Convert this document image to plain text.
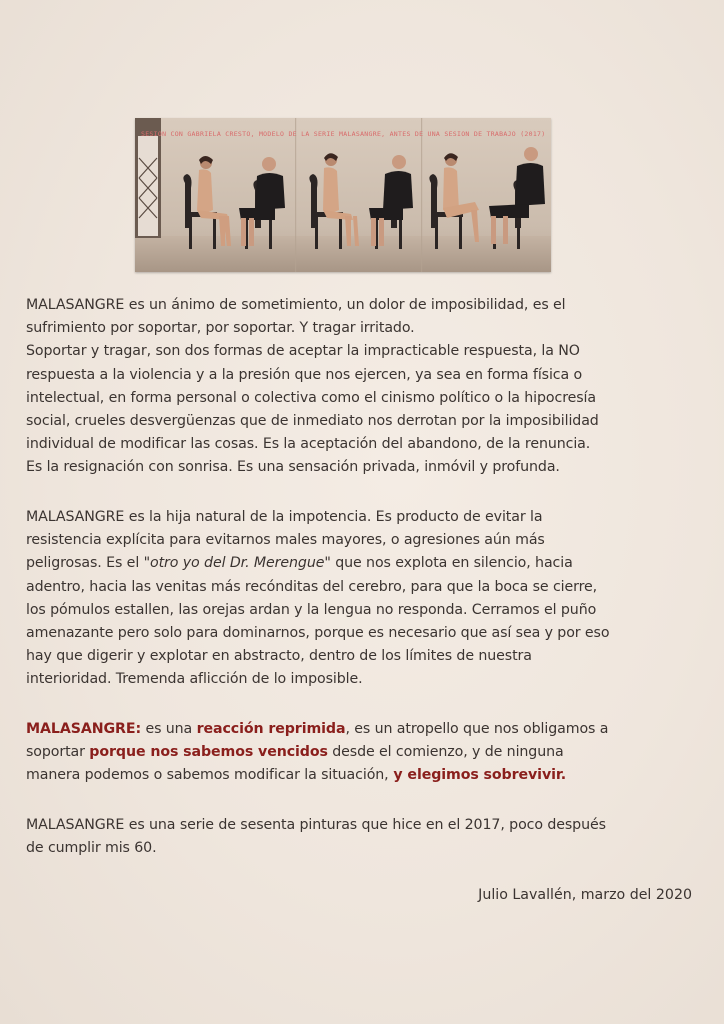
SESION CON GABRIELA CRESTO, MODELO DE LA SERIE MALASANGRE, ANTES DE UNA SESION DE TRABAJO (2017)
MALASANGRE es un ánimo de sometimiento, un dolor de imposibilidad, es el
sufrimiento por soportar, por soportar. Y tragar irritado.
Soportar y tragar, son dos formas de aceptar la impracticable respuesta, la NO
respuesta a la violencia y a la presión que nos ejercen, ya sea en forma física o
intelectual, en forma personal o colectiva como el cinismo político o la hipocresía
social, crueles desvergüenzas que de inmediato nos derrotan por la imposibilidad
individual de modificar las cosas. Es la aceptación del abandono, de la renuncia.
Es la resignación con sonrisa. Es una sensación privada, inmóvil y profunda.
MALASANGRE es la hija natural de la impotencia. Es producto de evitar la
resistencia explícita para evitarnos males mayores, o agresiones aún más
peligrosas. Es el "otro yo del Dr. Merengue" que nos explota en silencio, hacia
adentro, hacia las venitas más recónditas del cerebro, para que la boca se cierre,
los pómulos estallen, las orejas ardan y la lengua no responda. Cerramos el puño
amenazante pero solo para dominarnos, porque es necesario que así sea y por eso
hay que digerir y explotar en abstracto, dentro de los límites de nuestra
interioridad. Tremenda aflicción de lo imposible.
MALASANGRE: es una reacción reprimida, es un atropello que nos obligamos a
soportar porque nos sabemos vencidos desde el comienzo, y de ninguna
manera podemos o sabemos modificar la situación, y elegimos sobrevivir.
MALASANGRE es una serie de sesenta pinturas que hice en el 2017, poco después
de cumplir mis 60.
Julio Lavallén, marzo del 2020
